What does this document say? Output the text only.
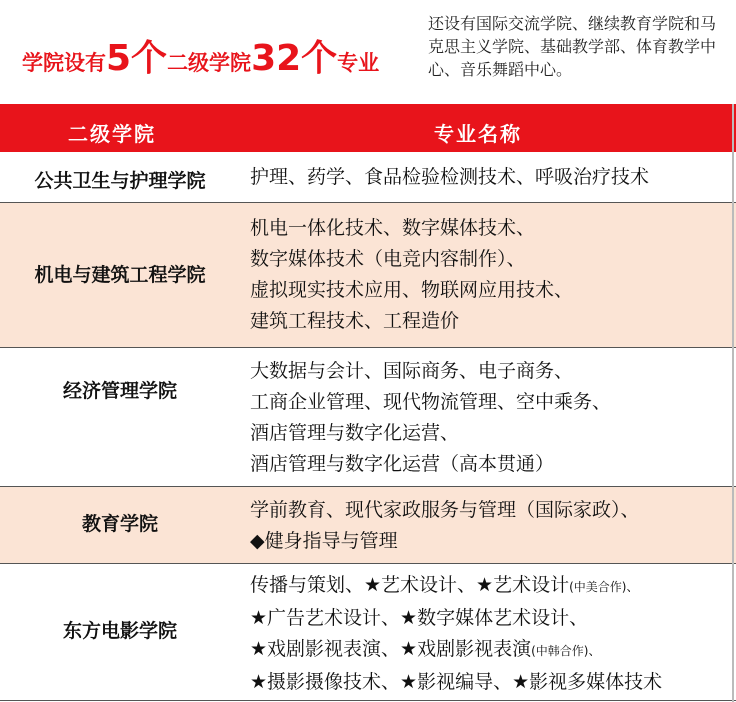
学院设有5个二级学院32个专业
还设有国际交流学院、继续教育学院和马克思主义学院、基础教学部、体育教学中心、音乐舞蹈中心。
二级学院	专业名称
公共卫生与护理学院	护理、药学、食品检验检测技术、呼吸治疗技术
机电与建筑工程学院
机电一体化技术、数字媒体技术、
数字媒体技术（电竞内容制作）、
虚拟现实技术应用、物联网应用技术、
建筑工程技术、工程造价
经济管理学院
大数据与会计、国际商务、电子商务、
工商企业管理、现代物流管理、空中乘务、
酒店管理与数字化运营、
酒店管理与数字化运营（高本贯通）
教育学院
学前教育、现代家政服务与管理（国际家政）、
◆健身指导与管理
东方电影学院
传播与策划、★艺术设计、★艺术设计(中美合作)、
★广告艺术设计、★数字媒体艺术设计、
★戏剧影视表演、★戏剧影视表演(中韩合作)、
★摄影摄像技术、★影视编导、★影视多媒体技术
